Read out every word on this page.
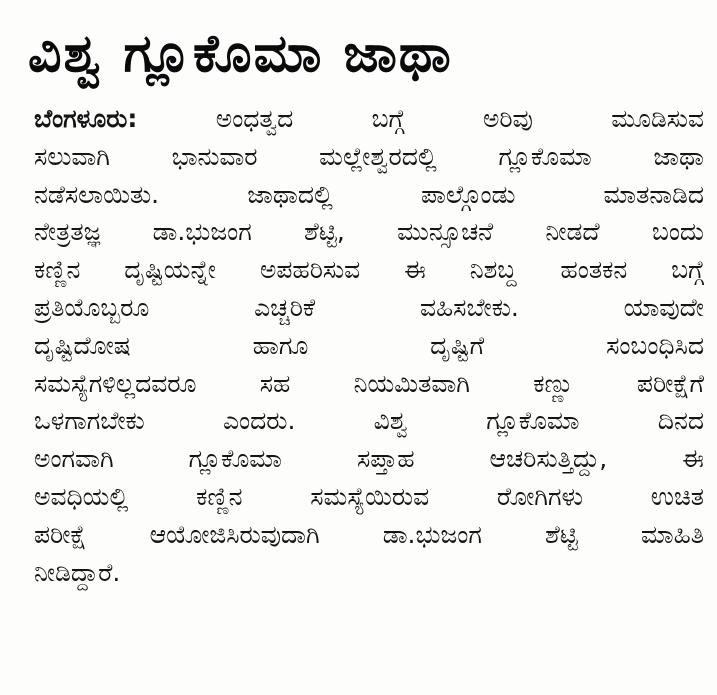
ವಿಶ್ವ ಗ್ಲೂಕೊಮಾ ಜಾಥಾ
ಬೆಂಗಳೂರು:	ಅಂಧತ್ವದ ಬಗ್ಗೆ ಅರಿವು ಮೂಡಿಸುವ
ಸಲುವಾಗಿ ಭಾನುವಾರ ಮಲ್ಲೇಶ್ವರದಲ್ಲಿ ಗ್ಲೂಕೊಮಾ ಜಾಥಾ
ನಡೆಸಲಾಯಿತು. ಜಾಥಾದಲ್ಲಿ ಪಾಲ್ಗೊಂಡು ಮಾತನಾಡಿದ
ನೇತ್ರತಜ್ಞ ಡಾ.ಭುಜಂಗ ಶೆಟ್ಟಿ, ಮುನ್ಸೂಚನೆ ನೀಡದೆ ಬಂದು
ಕಣ್ಣಿನ ದೃಷ್ಟಿಯನ್ನೇ ಅಪಹರಿಸುವ ಈ ನಿಶಬ್ದ ಹಂತಕನ ಬಗ್ಗೆ
ಪ್ರತಿಯೊಬ್ಬರೂ ಎಚ್ಚರಿಕೆ ವಹಿಸಬೇಕು. ಯಾವುದೇ
ದೃಷ್ಟಿದೋಷ ಹಾಗೂ ದೃಷ್ಟಿಗೆ ಸಂಬಂಧಿಸಿದ
ಸಮಸ್ಯೆಗಳಿಲ್ಲದವರೂ ಸಹ ನಿಯಮಿತವಾಗಿ ಕಣ್ಣು ಪರೀಕ್ಷೆಗೆ
ಒಳಗಾಗಬೇಕು ಎಂದರು. ವಿಶ್ವ ಗ್ಲೂಕೊಮಾ ದಿನದ
ಅಂಗವಾಗಿ ಗ್ಲೂಕೊಮಾ ಸಪ್ತಾಹ ಆಚರಿಸುತ್ತಿದ್ದು, ಈ
ಅವಧಿಯಲ್ಲಿ ಕಣ್ಣಿನ ಸಮಸ್ಯೆಯಿರುವ ರೋಗಿಗಳು ಉಚಿತ
ಪರೀಕ್ಷೆ ಆಯೋಜಿಸಿರುವುದಾಗಿ ಡಾ.ಭುಜಂಗ ಶೆಟ್ಟಿ ಮಾಹಿತಿ
ನೀಡಿದ್ದಾರೆ.
